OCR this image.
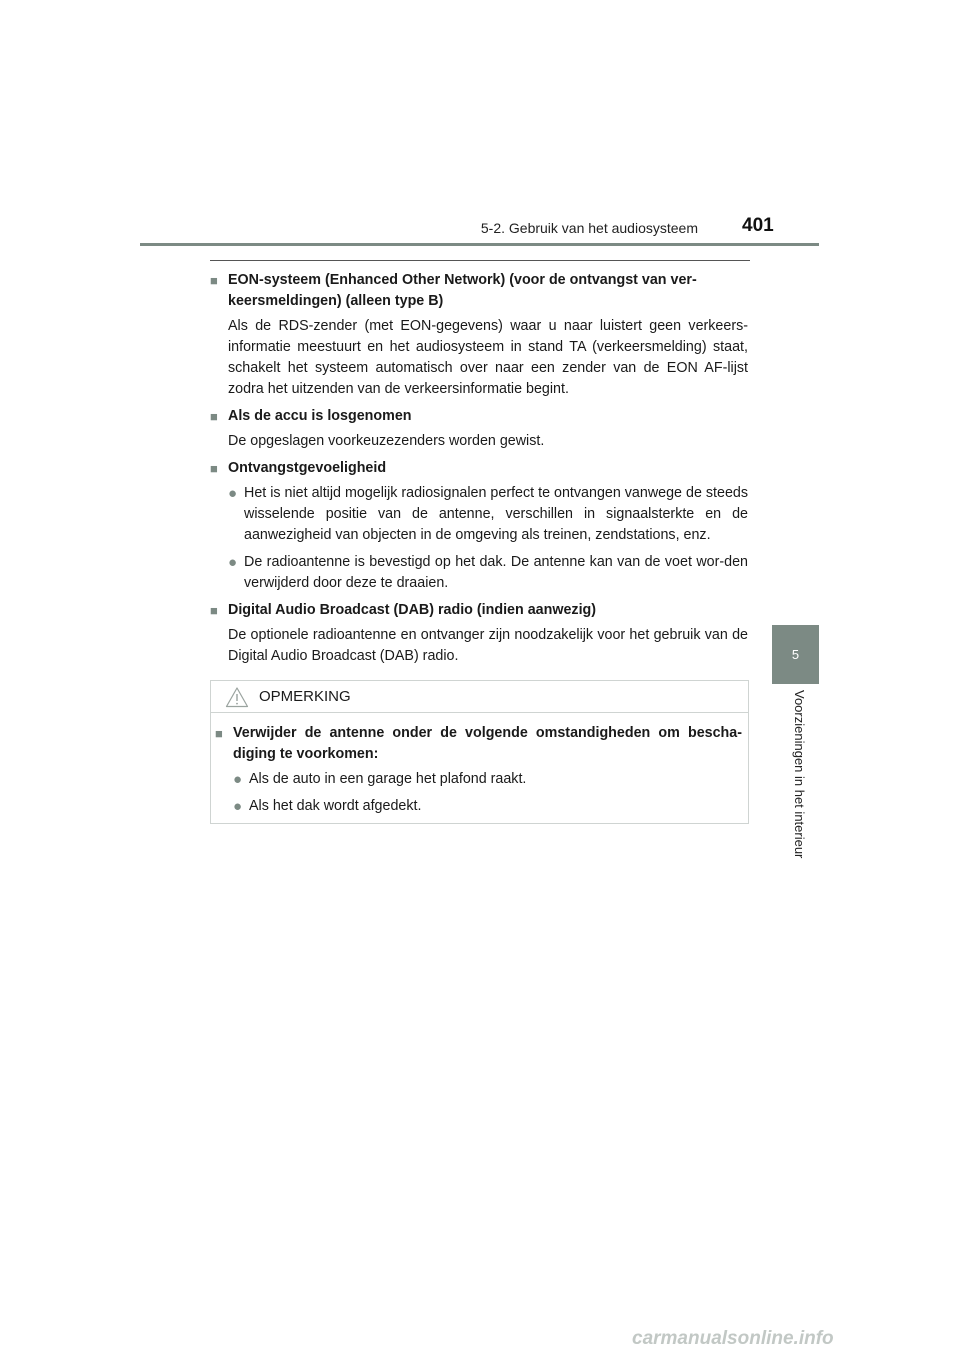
5-2. Gebruik van het audiosysteem 401
5
Voorzieningen in het interieur
■ EON-systeem (Enhanced Other Network) (voor de ontvangst van ver-keersmeldingen) (alleen type B)
Als de RDS-zender (met EON-gegevens) waar u naar luistert geen verkeers-informatie meestuurt en het audiosysteem in stand TA (verkeersmelding) staat, schakelt het systeem automatisch over naar een zender van de EON AF-lijst zodra het uitzenden van de verkeersinformatie begint.
■ Als de accu is losgenomen
De opgeslagen voorkeuzezenders worden gewist.
■ Ontvangstgevoeligheid
● Het is niet altijd mogelijk radiosignalen perfect te ontvangen vanwege de steeds wisselende positie van de antenne, verschillen in signaalsterkte en de aanwezigheid van objecten in de omgeving als treinen, zendstations, enz.
● De radioantenne is bevestigd op het dak. De antenne kan van de voet wor-den verwijderd door deze te draaien.
■ Digital Audio Broadcast (DAB) radio (indien aanwezig)
De optionele radioantenne en ontvanger zijn noodzakelijk voor het gebruik van de Digital Audio Broadcast (DAB) radio.
OPMERKING
■ Verwijder de antenne onder de volgende omstandigheden om bescha-diging te voorkomen:
● Als de auto in een garage het plafond raakt.
● Als het dak wordt afgedekt.
carmanualsonline.info
